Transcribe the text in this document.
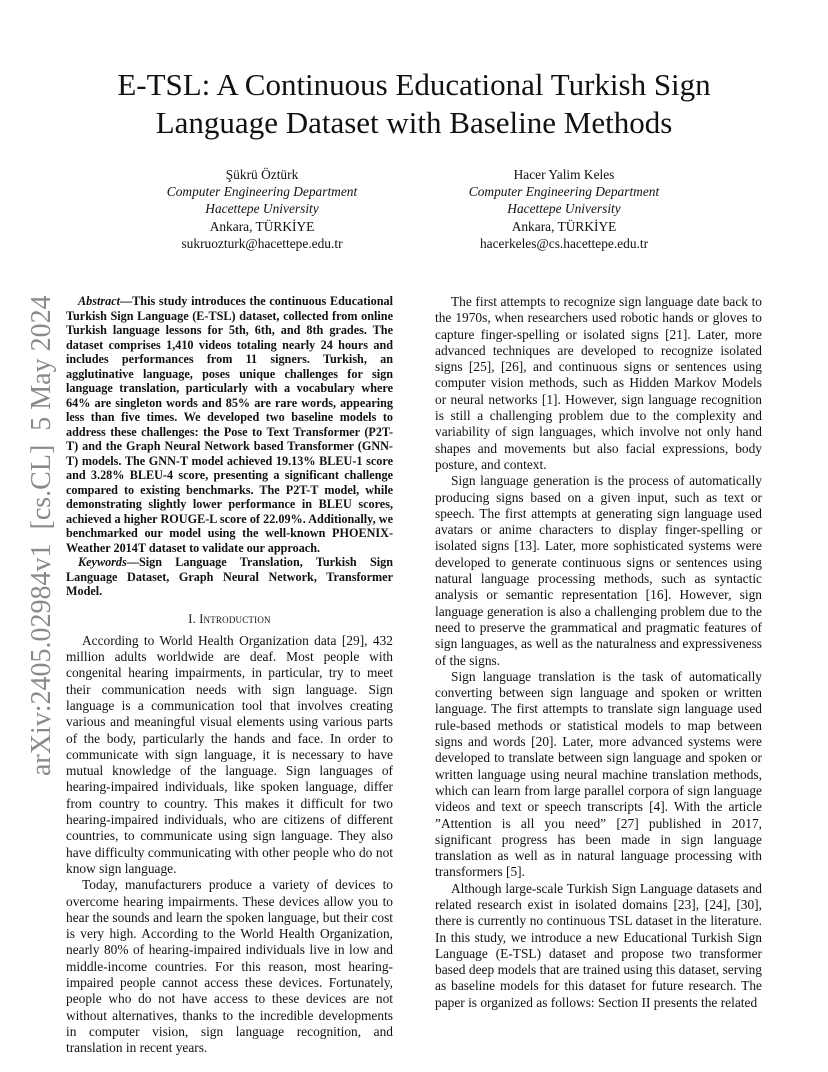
arXiv:2405.02984v1  [cs.CL]  5 May 2024
E-TSL: A Continuous Educational Turkish Sign
Language Dataset with Baseline Methods
Şükrü Öztürk
Computer Engineering Department
Hacettepe University
Ankara, TÜRKİYE
sukruozturk@hacettepe.edu.tr
Hacer Yalim Keles
Computer Engineering Department
Hacettepe University
Ankara, TÜRKİYE
hacerkeles@cs.hacettepe.edu.tr

Abstract—This study introduces the continuous Educational Turkish Sign Language (E-TSL) dataset, collected from online Turkish language lessons for 5th, 6th, and 8th grades. The dataset comprises 1,410 videos totaling nearly 24 hours and includes performances from 11 signers. Turkish, an agglutinative language, poses unique challenges for sign language translation, particularly with a vocabulary where 64% are singleton words and 85% are rare words, appearing less than five times. We developed two baseline models to address these challenges: the Pose to Text Transformer (P2T-T) and the Graph Neural Network based Transformer (GNN-T) models. The GNN-T model achieved 19.13% BLEU-1 score and 3.28% BLEU-4 score, presenting a significant challenge compared to existing benchmarks. The P2T-T model, while demonstrating slightly lower performance in BLEU scores, achieved a higher ROUGE-L score of 22.09%. Additionally, we benchmarked our model using the well-known PHOENIX-Weather 2014T dataset to validate our approach.

Keywords—Sign Language Translation, Turkish Sign Language Dataset, Graph Neural Network, Transformer Model.

I. Introduction

According to World Health Organization data [29], 432 million adults worldwide are deaf. Most people with congenital hearing impairments, in particular, try to meet their communication needs with sign language. Sign language is a communication tool that involves creating various and meaningful visual elements using various parts of the body, particularly the hands and face. In order to communicate with sign language, it is necessary to have mutual knowledge of the language. Sign languages of hearing-impaired individuals, like spoken language, differ from country to country. This makes it difficult for two hearing-impaired individuals, who are citizens of different countries, to communicate using sign language. They also have difficulty communicating with other people who do not know sign language.

Today, manufacturers produce a variety of devices to overcome hearing impairments. These devices allow you to hear the sounds and learn the spoken language, but their cost is very high. According to the World Health Organization, nearly 80% of hearing-impaired individuals live in low and middle-income countries. For this reason, most hearing-impaired people cannot access these devices. Fortunately, people who do not have access to these devices are not without alternatives, thanks to the incredible developments in computer vision, sign language recognition, and translation in recent years.

The first attempts to recognize sign language date back to the 1970s, when researchers used robotic hands or gloves to capture finger-spelling or isolated signs [21]. Later, more advanced techniques are developed to recognize isolated signs [25], [26], and continuous signs or sentences using computer vision methods, such as Hidden Markov Models or neural networks [1]. However, sign language recognition is still a challenging problem due to the complexity and variability of sign languages, which involve not only hand shapes and movements but also facial expressions, body posture, and context.

Sign language generation is the process of automatically producing signs based on a given input, such as text or speech. The first attempts at generating sign language used avatars or anime characters to display finger-spelling or isolated signs [13]. Later, more sophisticated systems were developed to generate continuous signs or sentences using natural language processing methods, such as syntactic analysis or semantic representation [16]. However, sign language generation is also a challenging problem due to the need to preserve the grammatical and pragmatic features of sign languages, as well as the naturalness and expressiveness of the signs.

Sign language translation is the task of automatically converting between sign language and spoken or written language. The first attempts to translate sign language used rule-based methods or statistical models to map between signs and words [20]. Later, more advanced systems were developed to translate between sign language and spoken or written language using neural machine translation methods, which can learn from large parallel corpora of sign language videos and text or speech transcripts [4]. With the article ”Attention is all you need” [27] published in 2017, significant progress has been made in sign language translation as well as in natural language processing with transformers [5].

Although large-scale Turkish Sign Language datasets and related research exist in isolated domains [23], [24], [30], there is currently no continuous TSL dataset in the literature. In this study, we introduce a new Educational Turkish Sign Language (E-TSL) dataset and propose two transformer based deep models that are trained using this dataset, serving as baseline models for this dataset for future research. The paper is organized as follows: Section II presents the related
